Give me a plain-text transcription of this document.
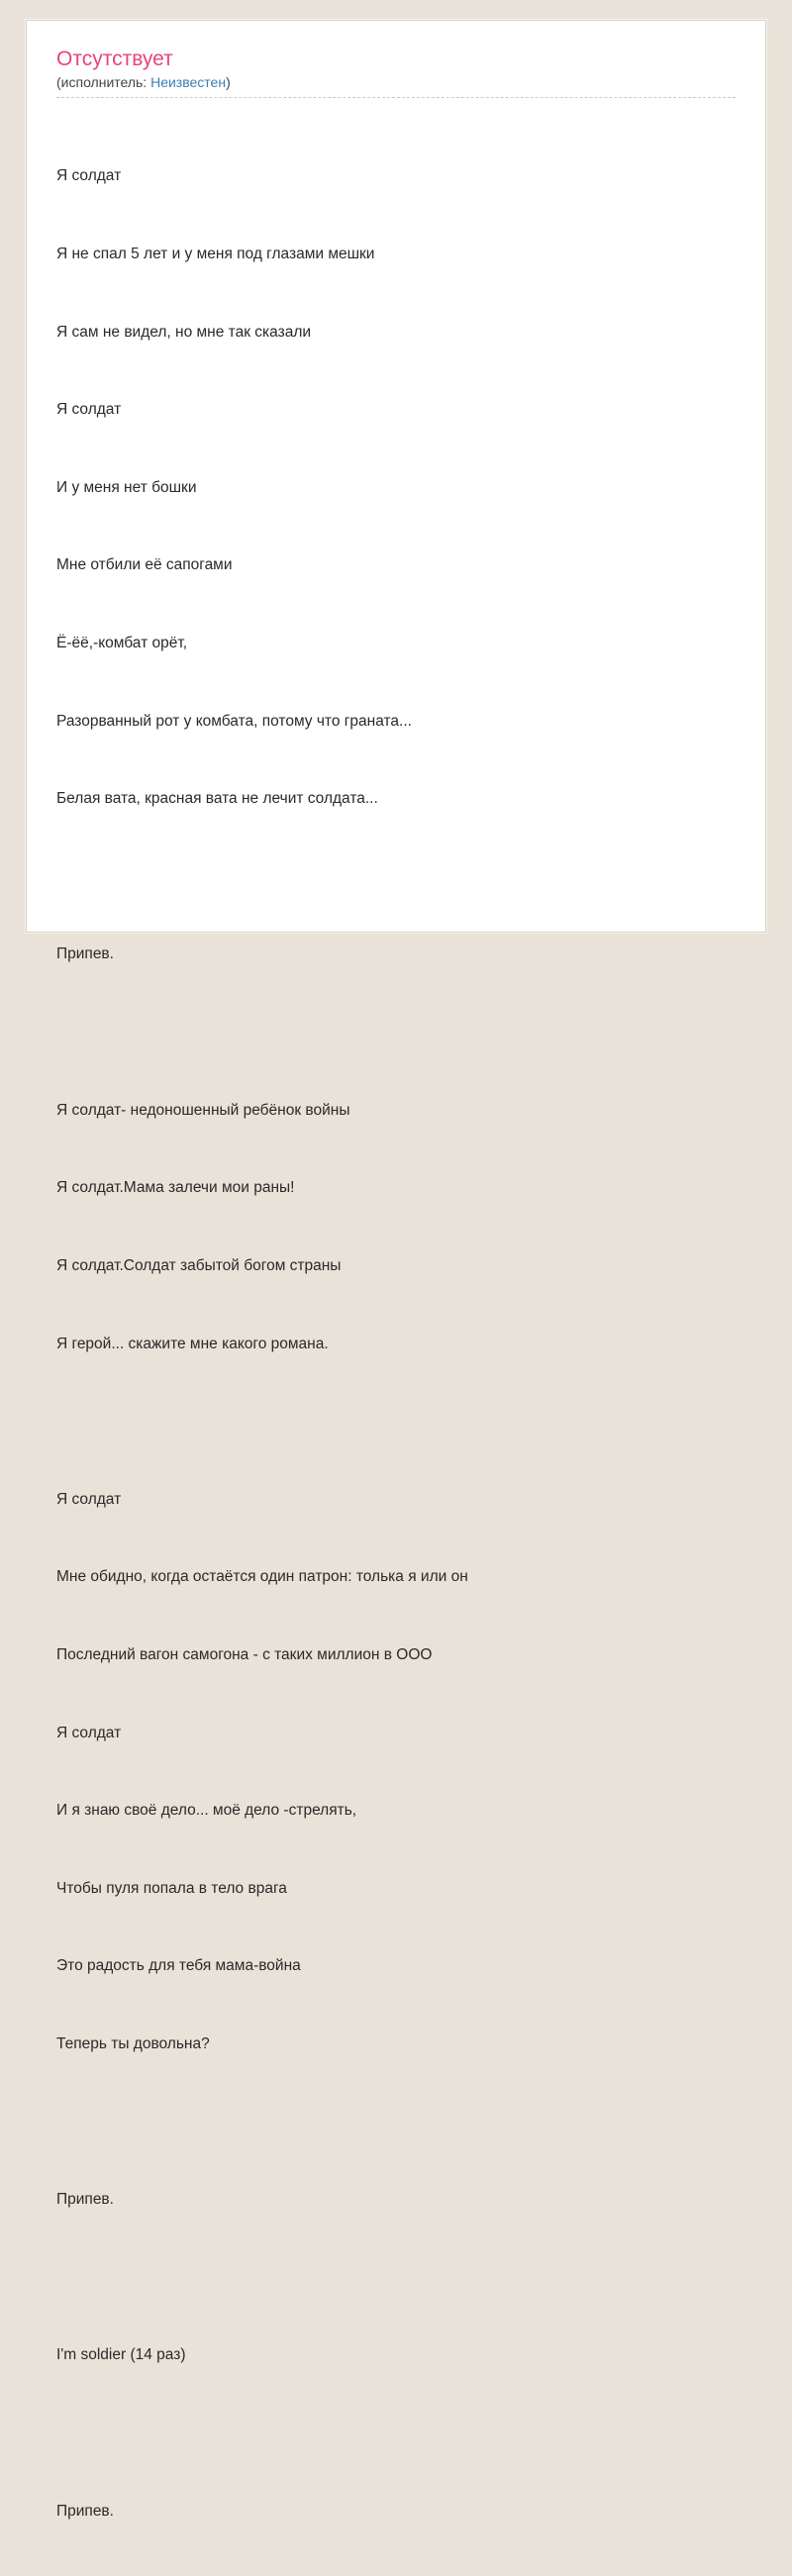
Отсутствует
(исполнитель: Неизвестен)

Я солдат

Я не спал 5 лет и у меня под глазами мешки

Я сам не видел, но мне так сказали

Я солдат

И у меня нет бошки

Мне отбили её сапогами

Ё-ёё,-комбат орёт,

Разорванный рот у комбата, потому что граната...

Белая вата, красная вата не лечит солдата...

Припев.

Я солдат- недоношенный ребёнок войны

Я солдат.Мама залечи мои раны!

Я солдат.Солдат забытой богом страны

Я герой... скажите мне какого романа.

Я солдат

Мне обидно, когда остаётся один патрон: толька я или он

Последний вагон самогона - с таких миллион в ООО

Я солдат

И я знаю своё дело... моё дело -стрелять,

Чтобы пуля попала в тело врага

Это радость для тебя мама-война

Теперь ты довольна?

Припев.

I'm soldier (14 раз)

Припев.
